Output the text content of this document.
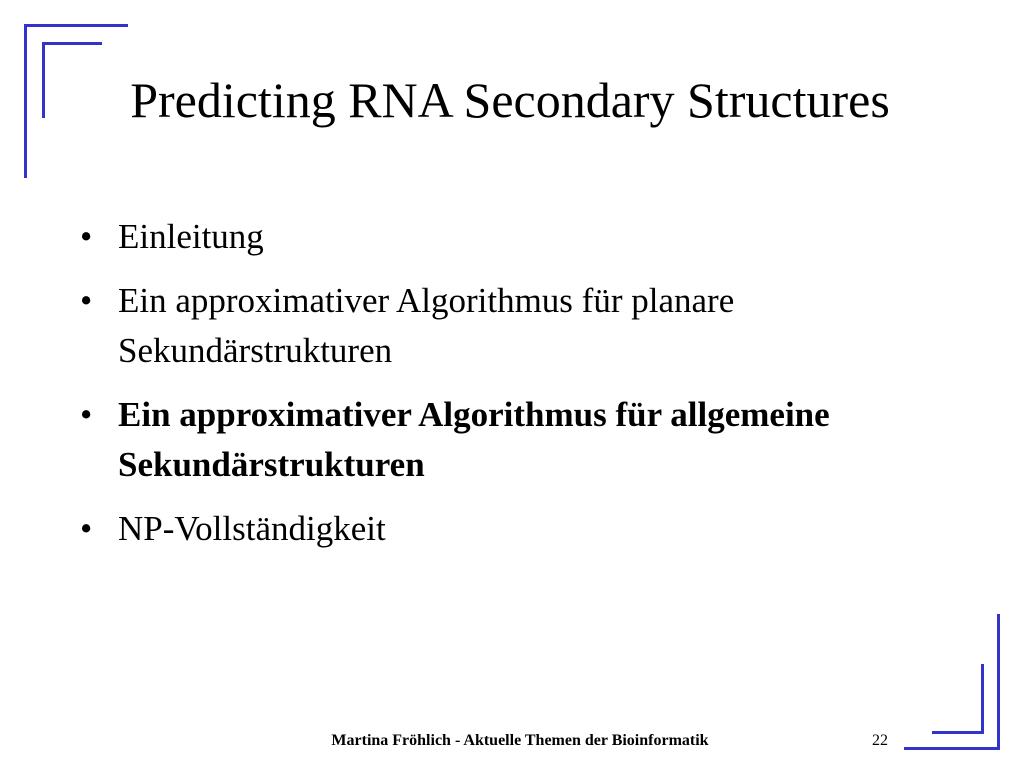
Predicting RNA Secondary Structures
• Einleitung
• Ein approximativer Algorithmus für planare Sekundärstrukturen
• Ein approximativer Algorithmus für allgemeine Sekundärstrukturen
• NP-Vollständigkeit
Martina Fröhlich - Aktuelle Themen der Bioinformatik	22
